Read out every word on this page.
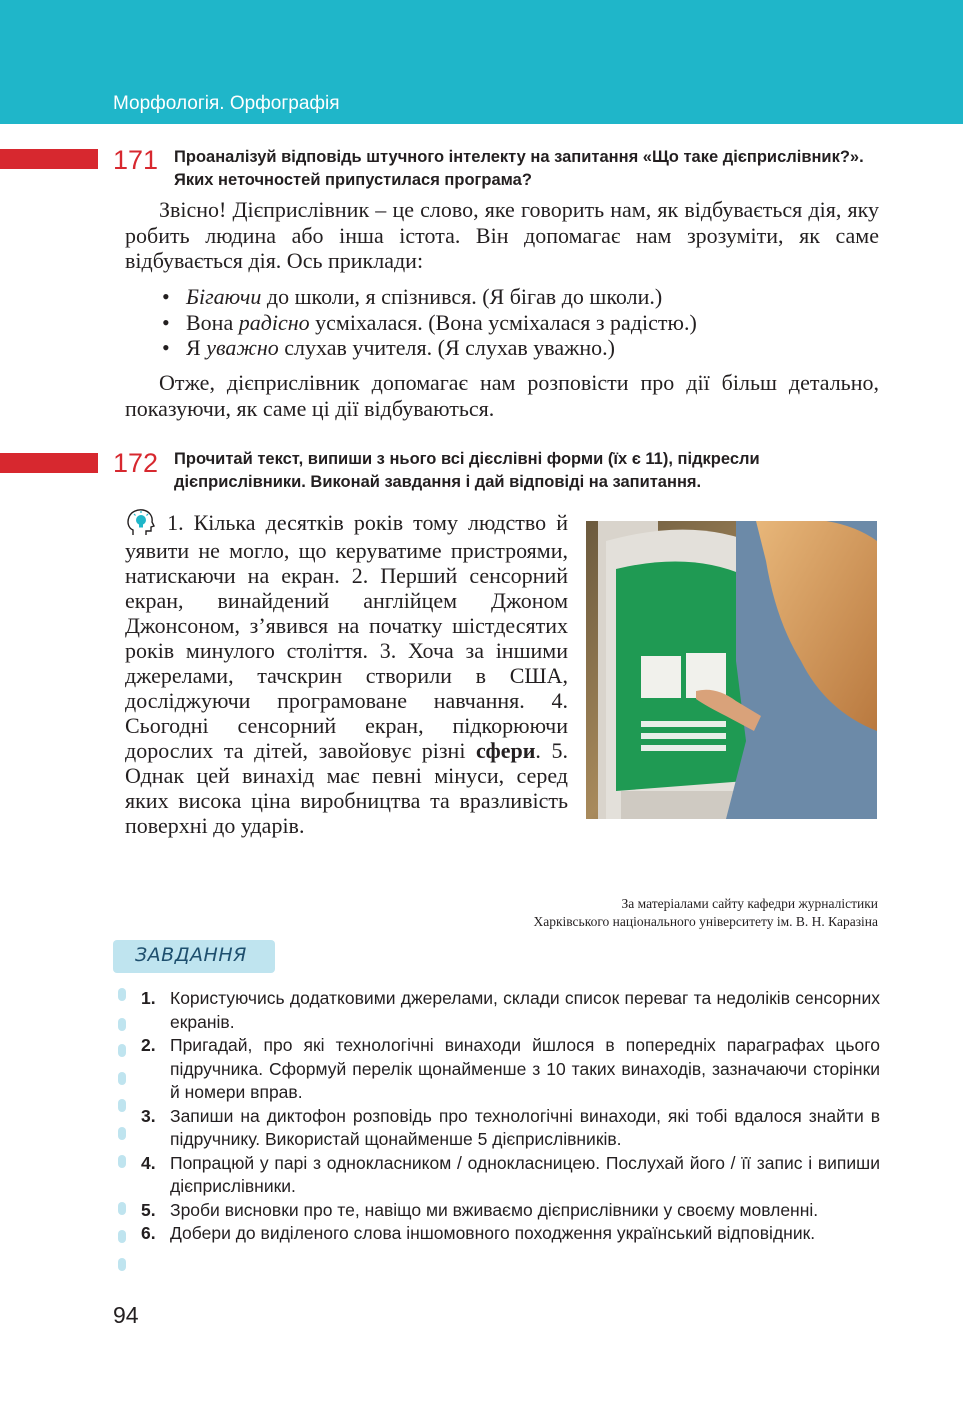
Морфологія. Орфографія
171 Проаналізуй відповідь штучного інтелекту на запитання «Що таке дієприслівник?». Яких неточностей припустилася програма?
Звісно! Дієприслівник – це слово, яке говорить нам, як відбувається дія, яку робить людина або інша істота. Він допомагає нам зрозуміти, як саме відбувається дія. Ось приклади:
• Бігаючи до школи, я спізнився. (Я бігав до школи.)
• Вона радісно усміхалася. (Вона усміхалася з радістю.)
• Я уважно слухав учителя. (Я слухав уважно.)
Отже, дієприслівник допомагає нам розповісти про дії більш детально, показуючи, як саме ці дії відбуваються.
172 Прочитай текст, випиши з нього всі дієслівні форми (їх є 11), підкресли дієприслівники. Виконай завдання і дай відповіді на запитання.
1. Кілька десятків років тому людство й уявити не могло, що керуватиме пристроями, натискаючи на екран. 2. Перший сенсорний екран, винайдений англійцем Джоном Джонсоном, з’явився на початку шістдесятих років минулого століття. 3. Хоча за іншими джерелами, тачскрин створили в США, досліджуючи програмоване навчання. 4. Сьогодні сенсорний екран, підкорюючи дорослих та дітей, завойовує різні сфери. 5. Однак цей винахід має певні мінуси, серед яких висока ціна виробництва та вразливість поверхні до ударів.
За матеріалами сайту кафедри журналістики
Харківського національного університету ім. В. Н. Каразіна
ЗАВДАННЯ
1. Користуючись додатковими джерелами, склади список переваг та недоліків сенсорних екранів.
2. Пригадай, про які технологічні винаходи йшлося в попередніх параграфах цього підручника. Сформуй перелік щонайменше з 10 таких винаходів, зазначаючи сторінки й номери вправ.
3. Запиши на диктофон розповідь про технологічні винаходи, які тобі вдалося знайти в підручнику. Використай щонайменше 5 дієприслівників.
4. Попрацюй у парі з однокласником / однокласницею. Послухай його / її запис і випиши дієприслівники.
5. Зроби висновки про те, навіщо ми вживаємо дієприслівники у своєму мовленні.
6. Добери до виділеного слова іншомовного походження український відповідник.
94
